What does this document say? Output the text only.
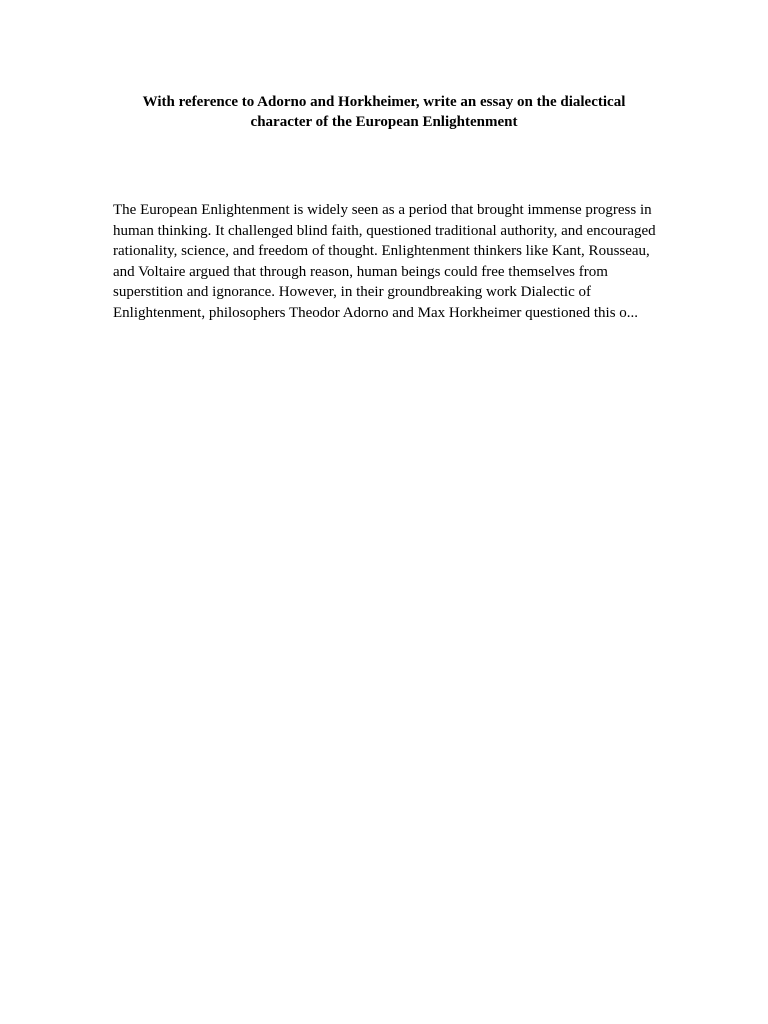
With reference to Adorno and Horkheimer, write an essay on the dialectical character of the European Enlightenment

The European Enlightenment is widely seen as a period that brought immense progress in human thinking. It challenged blind faith, questioned traditional authority, and encouraged rationality, science, and freedom of thought. Enlightenment thinkers like Kant, Rousseau, and Voltaire argued that through reason, human beings could free themselves from superstition and ignorance. However, in their groundbreaking work Dialectic of Enlightenment, philosophers Theodor Adorno and Max Horkheimer questioned this o...
